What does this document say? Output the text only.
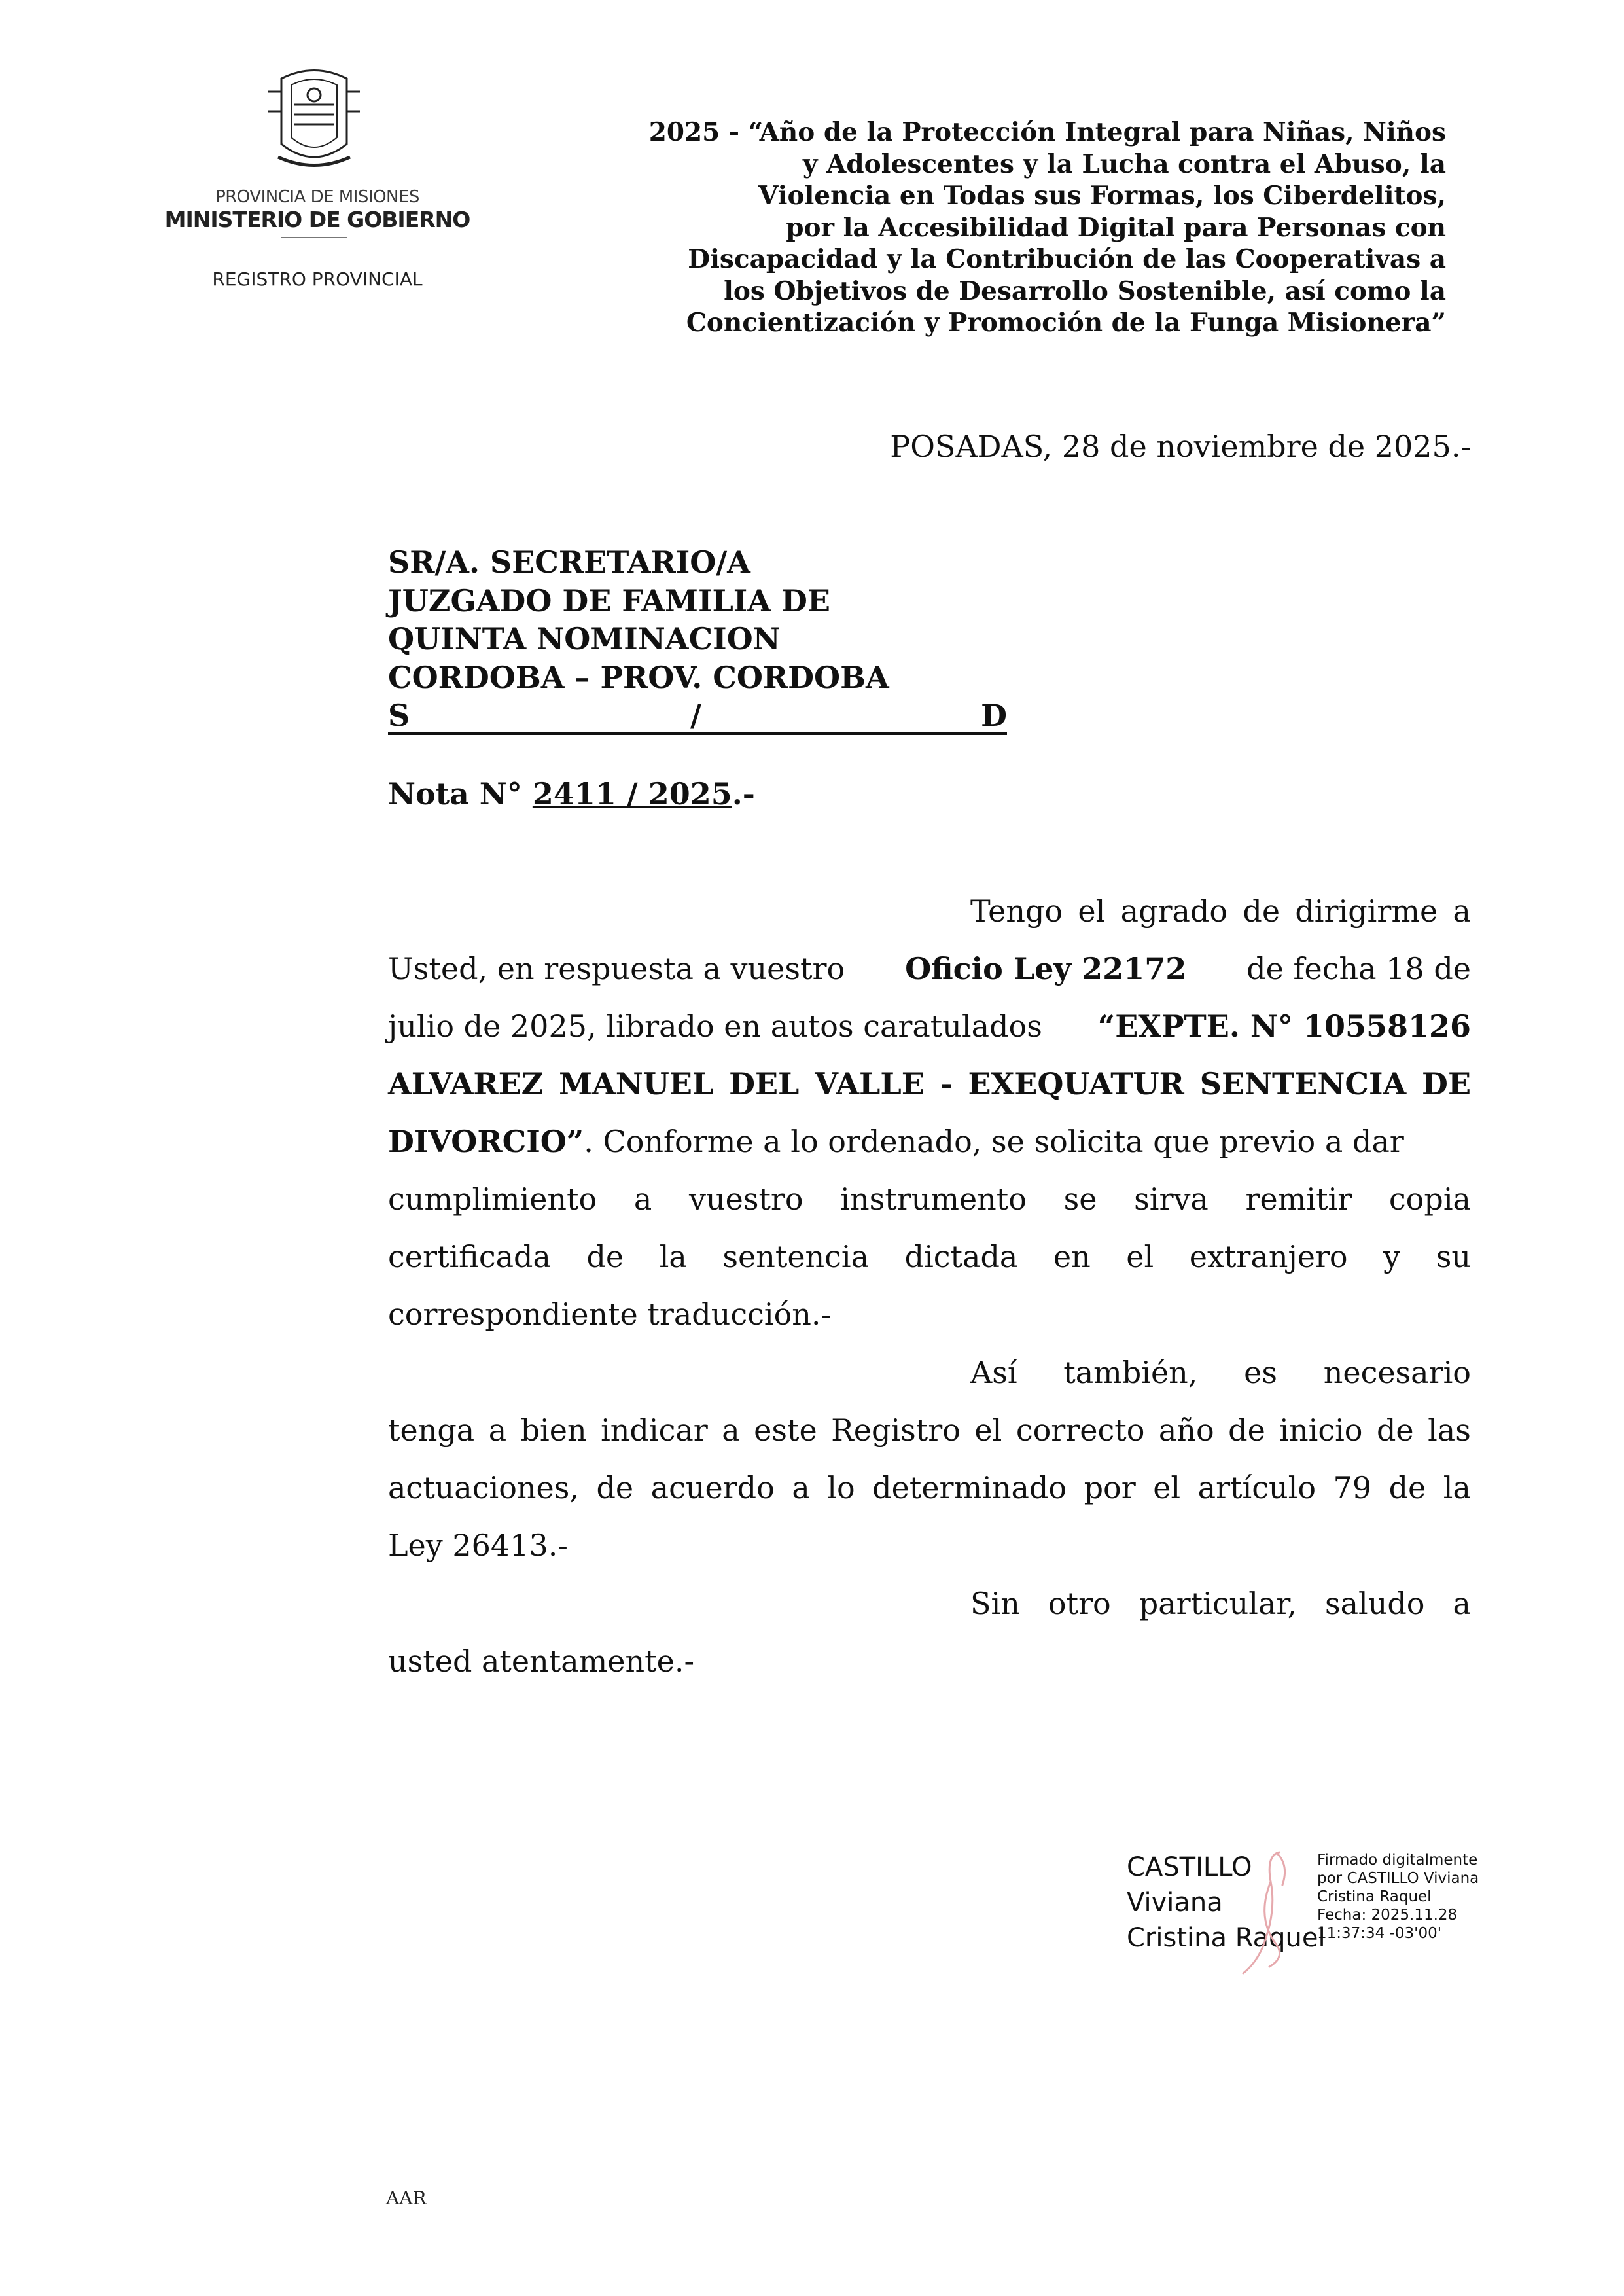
PROVINCIA DE MISIONES
MINISTERIO DE GOBIERNO
REGISTRO PROVINCIAL
2025 - “Año de la Protección Integral para Niñas, Niños
y Adolescentes y la Lucha contra el Abuso, la
Violencia en Todas sus Formas, los Ciberdelitos,
por la Accesibilidad Digital para Personas con
Discapacidad y la Contribución de las Cooperativas a
los Objetivos de Desarrollo Sostenible, así como la
Concientización y Promoción de la Funga Misionera”
POSADAS, 28 de noviembre de 2025.-
SR/A. SECRETARIO/A
JUZGADO DE FAMILIA DE
QUINTA NOMINACION
CORDOBA – PROV. CORDOBA
S	/	D
Nota N° 2411 / 2025.-
Tengo el agrado de dirigirme a
Usted, en respuesta a vuestro Oficio Ley 22172 de fecha 18 de
julio de 2025, librado en autos caratulados “EXPTE. N° 10558126
ALVAREZ MANUEL DEL VALLE - EXEQUATUR SENTENCIA DE
DIVORCIO”. Conforme a lo ordenado, se solicita que previo a dar
cumplimiento a vuestro instrumento se sirva remitir copia
certificada de la sentencia dictada en el extranjero y su
correspondiente traducción.-
Así también, es necesario
tenga a bien indicar a este Registro el correcto año de inicio de las
actuaciones, de acuerdo a lo determinado por el artículo 79 de la
Ley 26413.-
Sin otro particular, saludo a
usted atentamente.-
CASTILLO
Viviana
Cristina Raquel
Firmado digitalmente
por CASTILLO Viviana
Cristina Raquel
Fecha: 2025.11.28
11:37:34 -03'00'
AAR
